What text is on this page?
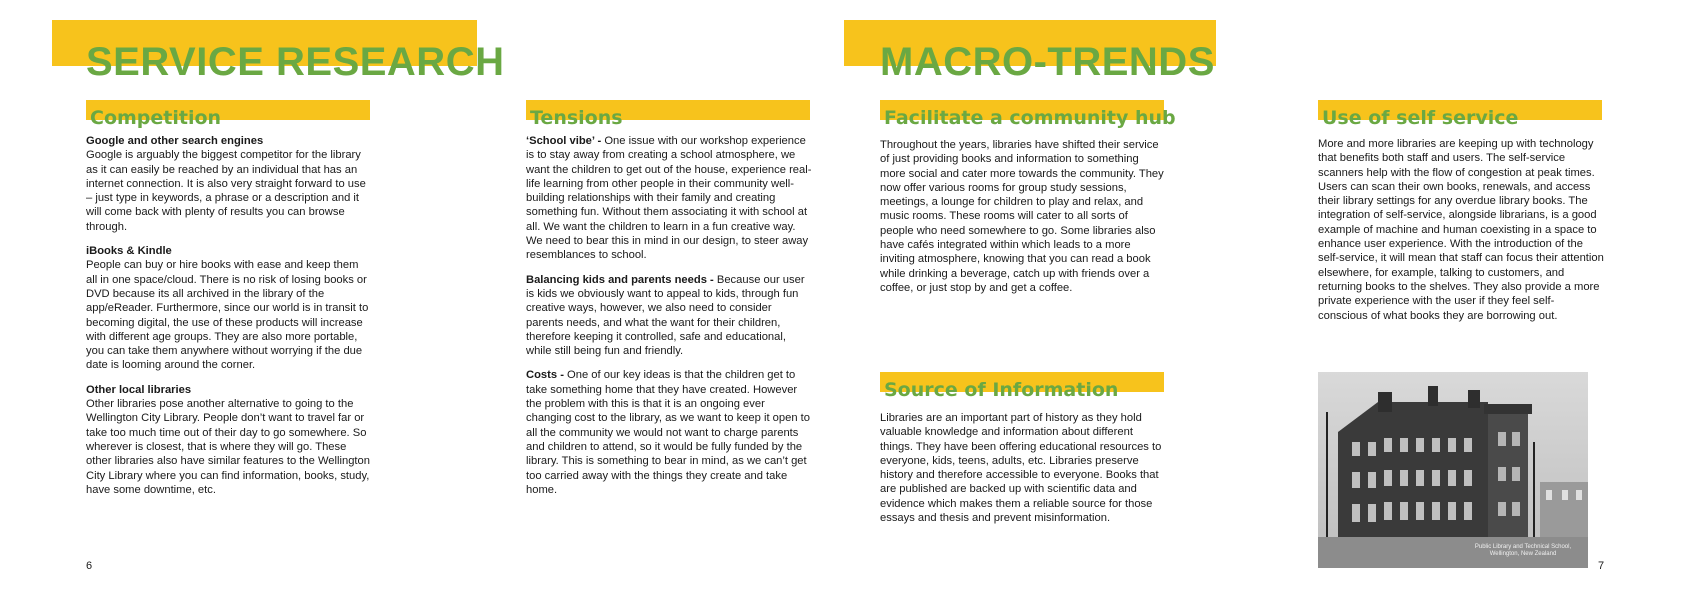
SERVICE RESEARCH
Competition

Google and other search engines
Google is arguably the biggest competitor for the library as it can easily be reached by an individual that has an internet connection. It is also very straight forward to use – just type in keywords, a phrase or a description and it will come back with plenty of results you can browse through.

iBooks & Kindle
People can buy or hire books with ease and keep them all in one space/cloud. There is no risk of losing books or DVD because its all archived in the library of the app/eReader. Furthermore, since our world is in transit to becoming digital, the use of these products will increase with different age groups. They are also more portable, you can take them anywhere without worrying if the due date is looming around the corner.

Other local libraries
Other libraries pose another alternative to going to the Wellington City Library. People don’t want to travel far or take too much time out of their day to go somewhere. So wherever is closest, that is where they will go. These other libraries also have similar features to the Wellington City Library where you can find information, books, study, have some downtime, etc.

Tensions

‘School vibe’ - One issue with our workshop experience is to stay away from creating a school atmosphere, we want the children to get out of the house, experience real-life learning from other people in their community well-building relationships with their family and creating something fun. Without them associating it with school at all. We want the children to learn in a fun creative way. We need to bear this in mind in our design, to steer away resemblances to school.

Balancing kids and parents needs - Because our user is kids we obviously want to appeal to kids, through fun creative ways, however, we also need to consider parents needs, and what the want for their children, therefore keeping it controlled, safe and educational, while still being fun and friendly.

Costs - One of our key ideas is that the children get to take something home that they have created. However the problem with this is that it is an ongoing ever changing cost to the library, as we want to keep it open to all the community we would not want to charge parents and children to attend, so it would be fully funded by the library. This is something to bear in mind, as we can’t get too carried away with the things they create and take home.

6
MACRO-TRENDS
Facilitate a community hub
Throughout the years, libraries have shifted their service of just providing books and information to something more social and cater more towards the community. They now offer various rooms for group study sessions, meetings, a lounge for children to play and relax, and music rooms. These rooms will cater to all sorts of people who need somewhere to go. Some libraries also have cafés integrated within which leads to a more inviting atmosphere, knowing that you can read a book while drinking a beverage, catch up with friends over a coffee, or just stop by and get a coffee.
Source of Information
Libraries are an important part of history as they hold valuable knowledge and information about different things. They have been offering educational resources to everyone, kids, teens, adults, etc. Libraries preserve history and therefore accessible to everyone. Books that are published are backed up with scientific data and evidence which makes them a reliable source for those essays and thesis and prevent misinformation.
Use of self service
More and more libraries are keeping up with technology that benefits both staff and users. The self-service scanners help with the flow of congestion at peak times. Users can scan their own books, renewals, and access their library settings for any overdue library books. The integration of self-service, alongside librarians, is a good example of machine and human coexisting in a space to enhance user experience. With the introduction of the self-service, it will mean that staff can focus their attention elsewhere, for example, talking to customers, and returning books to the shelves. They also provide a more private experience with the user if they feel self-conscious of what books they are borrowing out.
Public Library and Technical School, Wellington, New Zealand
7
